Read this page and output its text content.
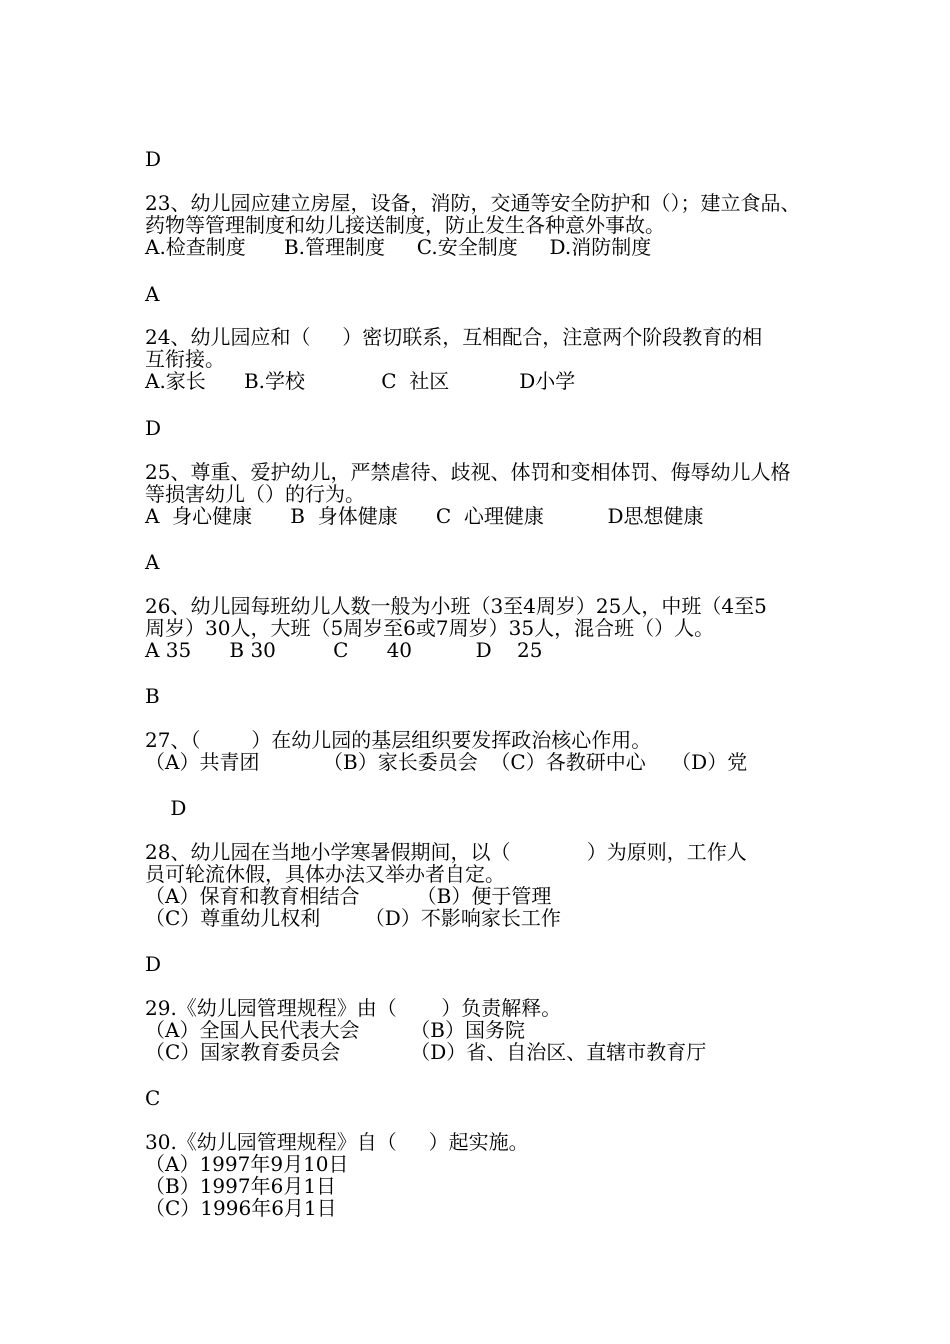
D
23、幼儿园应建立房屋，设备，消防，交通等安全防护和（）；建立食品、
药物等管理制度和幼儿接送制度，防止发生各种意外事故。
A.检查制度      B.管理制度     C.安全制度     D.消防制度
A
24、幼儿园应和（     ）密切联系，互相配合，注意两个阶段教育的相
互衔接。
A.家长      B.学校            C  社区           D小学
D
25、尊重、爱护幼儿，严禁虐待、歧视、体罚和变相体罚、侮辱幼儿人格
等损害幼儿（）的行为。
A  身心健康      B  身体健康      C  心理健康          D思想健康
A
26、幼儿园每班幼儿人数一般为小班（3至4周岁）25人，中班（4至5
周岁）30人，大班（5周岁至6或7周岁）35人，混合班（）人。
A 35      B 30         C      40          D    25
B
27、（        ）在幼儿园的基层组织要发挥政治核心作用。
（A）共青团          （B）家长委员会  （C）各教研中心    （D）党
D
28、幼儿园在当地小学寒暑假期间，以（            ）为原则，工作人
员可轮流休假，具体办法又举办者自定。
（A）保育和教育相结合         （B）便于管理
（C）尊重幼儿权利       （D）不影响家长工作
D
29.《幼儿园管理规程》由（       ）负责解释。
（A）全国人民代表大会        （B）国务院
（C）国家教育委员会           （D）省、自治区、直辖市教育厅
C
30.《幼儿园管理规程》自（     ）起实施。
（A）1997年9月10日
（B）1997年6月1日
（C）1996年6月1日
